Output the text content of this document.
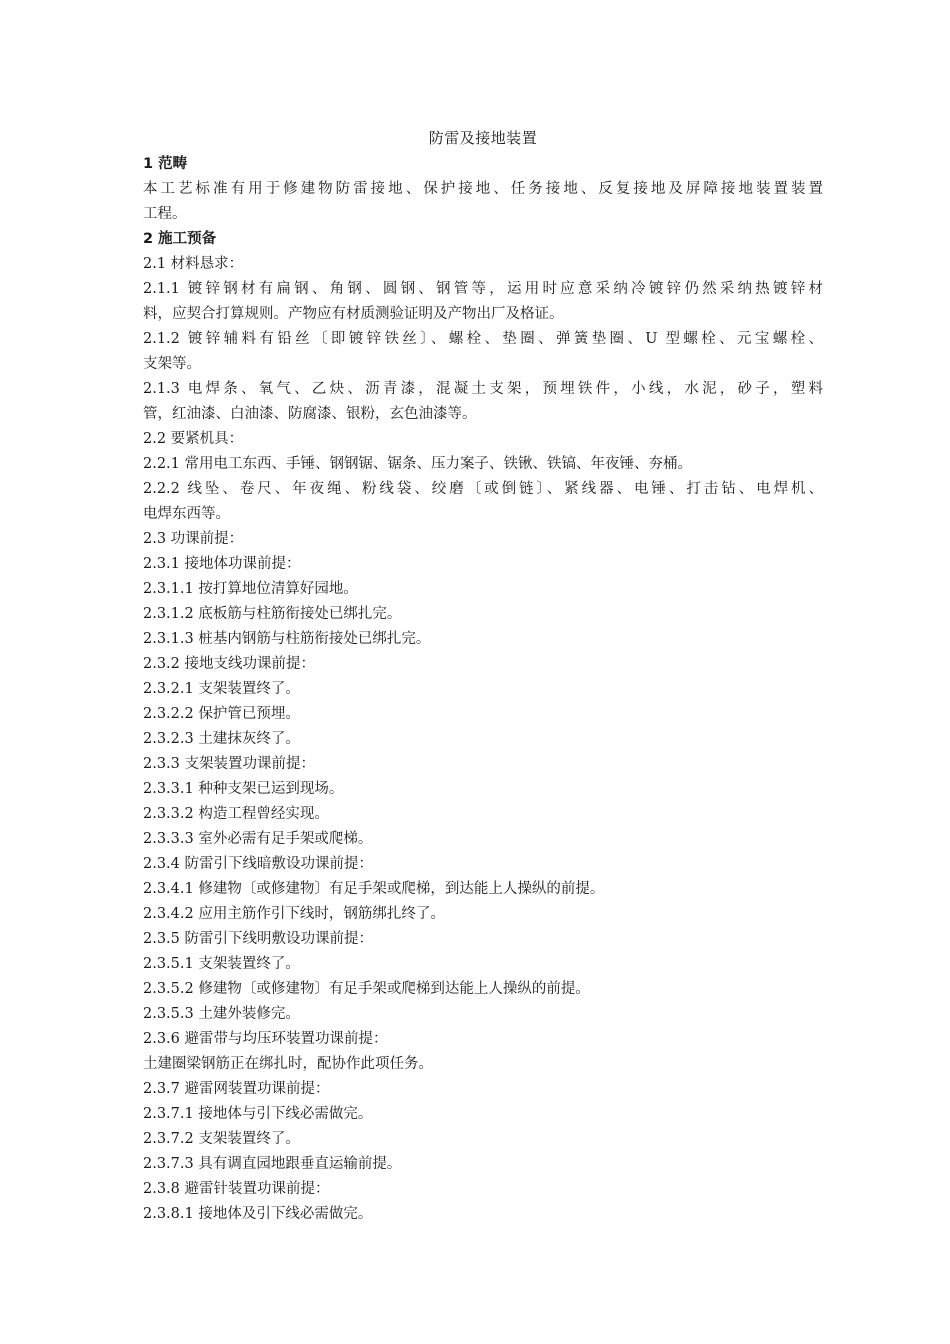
防雷及接地装置
1 范畴
本工艺标准有用于修建物防雷接地、保护接地、任务接地、反复接地及屏障接地装置装置
工程。
2 施工预备
2.1 材料恳求：
2.1.1 镀锌钢材有扁钢、角钢、圆钢、钢管等，运用时应意采纳冷镀锌仍然采纳热镀锌材
料，应契合打算规则。产物应有材质测验证明及产物出厂及格证。
2.1.2 镀锌辅料有铅丝〔即镀锌铁丝〕、螺栓、垫圈、弹簧垫圈、U 型螺栓、元宝螺栓、
支架等。
2.1.3 电焊条、氧气、乙炔、沥青漆，混凝土支架，预埋铁件，小线，水泥，砂子，塑料
管，红油漆、白油漆、防腐漆、银粉，玄色油漆等。
2.2 要紧机具：
2.2.1 常用电工东西、手锤、钢钢锯、锯条、压力案子、铁锹、铁镐、年夜锤、夯桶。
2.2.2 线坠、卷尺、年夜绳、粉线袋、绞磨〔或倒链〕、紧线器、电锤、打击钻、电焊机、
电焊东西等。
2.3 功课前提：
2.3.1 接地体功课前提：
2.3.1.1 按打算地位清算好园地。
2.3.1.2 底板筋与柱筋衔接处已绑扎完。
2.3.1.3 桩基内钢筋与柱筋衔接处已绑扎完。
2.3.2 接地支线功课前提：
2.3.2.1 支架装置终了。
2.3.2.2 保护管已预埋。
2.3.2.3 土建抹灰终了。
2.3.3 支架装置功课前提：
2.3.3.1 种种支架已运到现场。
2.3.3.2 构造工程曾经实现。
2.3.3.3 室外必需有足手架或爬梯。
2.3.4 防雷引下线暗敷设功课前提：
2.3.4.1 修建物〔或修建物〕有足手架或爬梯，到达能上人操纵的前提。
2.3.4.2 应用主筋作引下线时，钢筋绑扎终了。
2.3.5 防雷引下线明敷设功课前提：
2.3.5.1 支架装置终了。
2.3.5.2 修建物〔或修建物〕有足手架或爬梯到达能上人操纵的前提。
2.3.5.3 土建外装修完。
2.3.6 避雷带与均压环装置功课前提：
土建圈梁钢筋正在绑扎时，配协作此项任务。
2.3.7 避雷网装置功课前提：
2.3.7.1 接地体与引下线必需做完。
2.3.7.2 支架装置终了。
2.3.7.3 具有调直园地跟垂直运输前提。
2.3.8 避雷针装置功课前提：
2.3.8.1 接地体及引下线必需做完。
